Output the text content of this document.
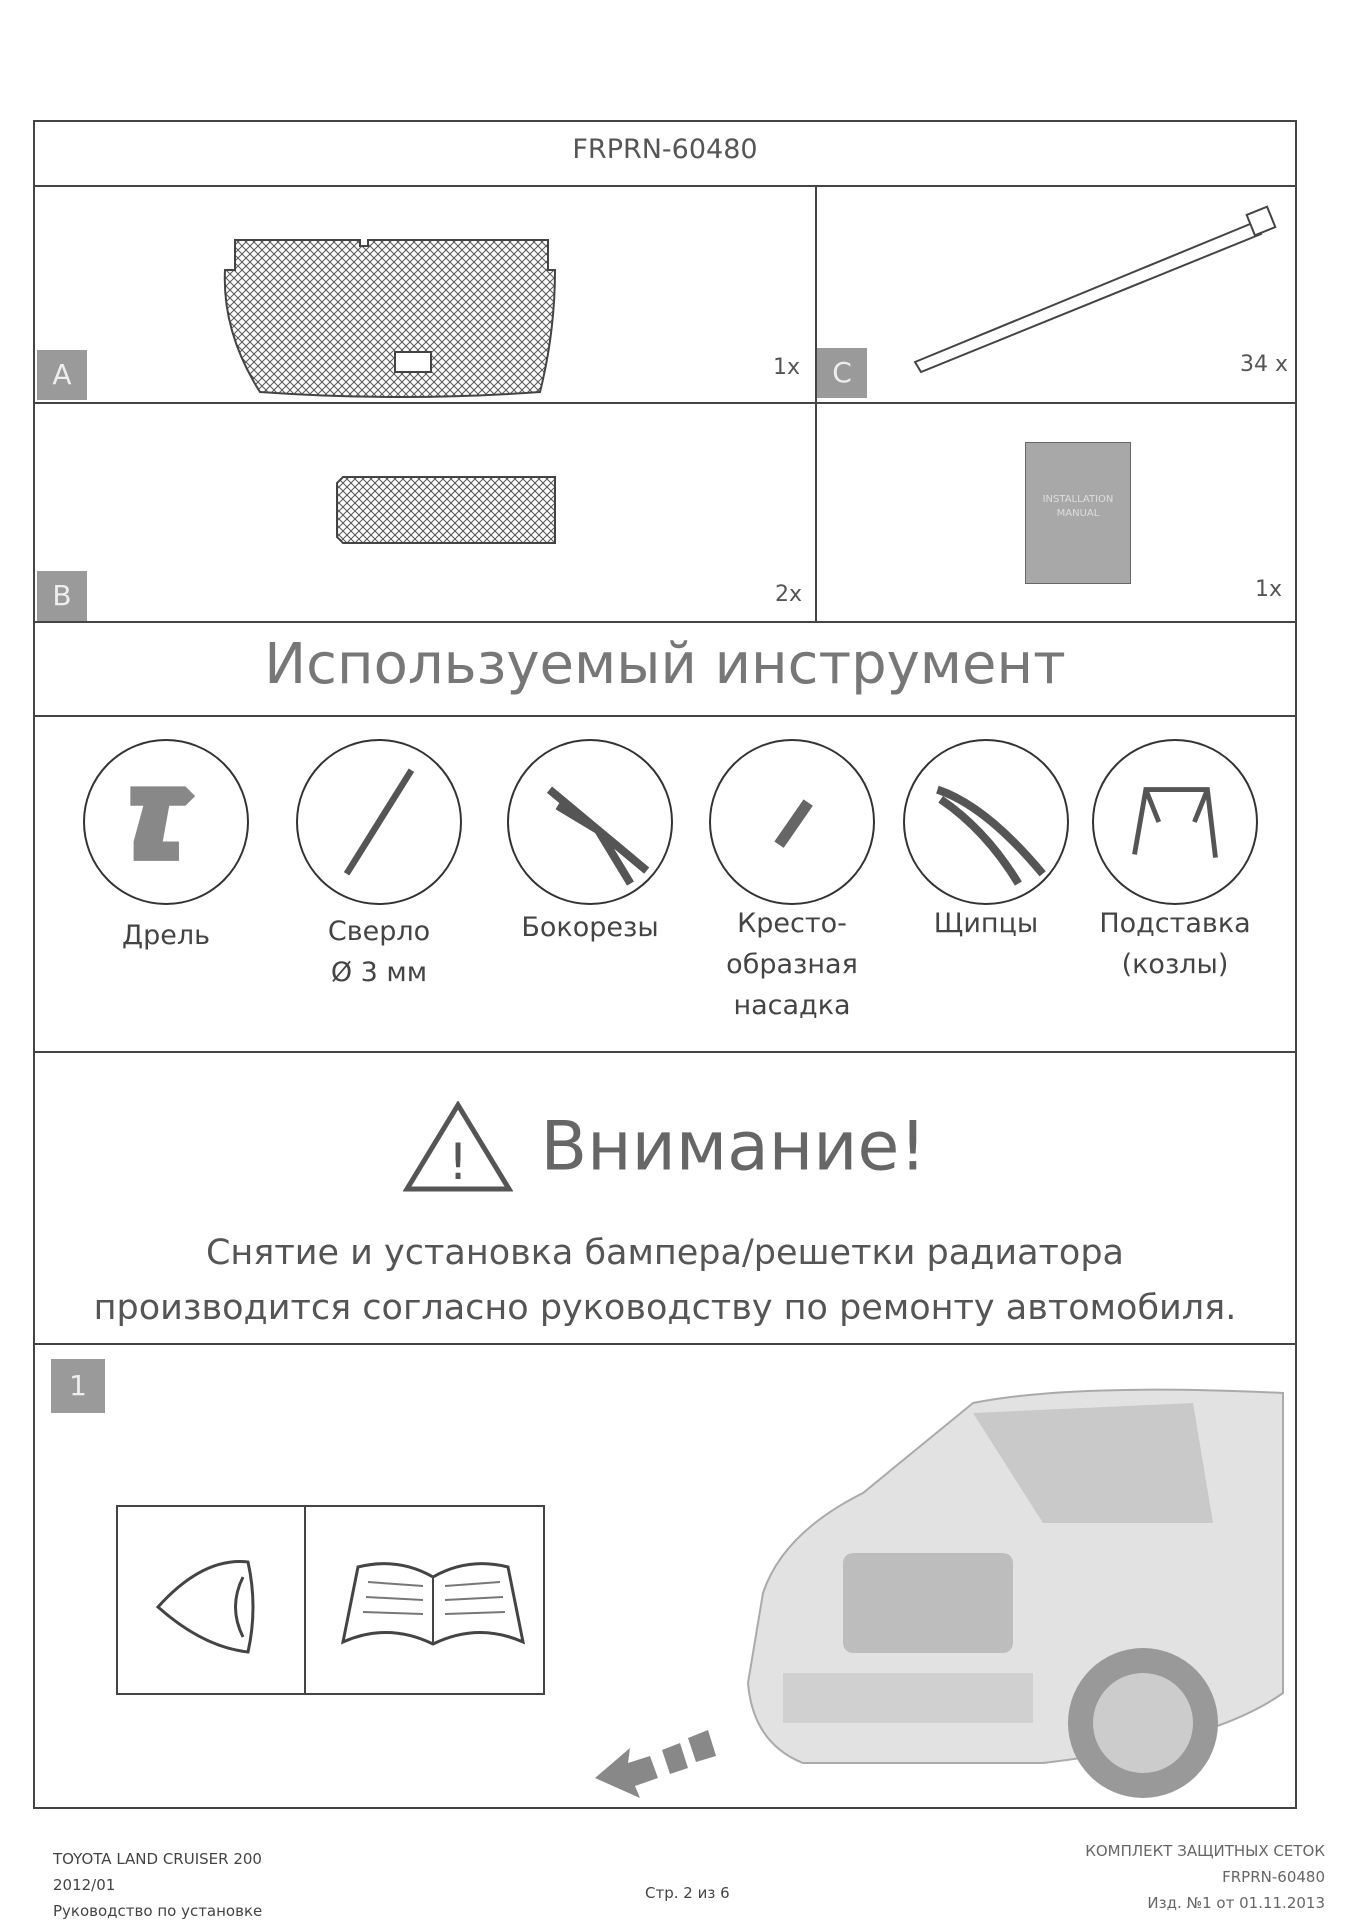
FRPRN-60480
A	1x	C	34 x
B	2x
INSTALLATION MANUAL
1x
Используемый инструмент
Дрель	Сверло
Ø 3 мм
Бокорезы	Кресто-
образная
насадка
Щипцы	Подставка
(козлы)
! Внимание!
Снятие и установка бампера/решетки радиатора
производится согласно руководству по ремонту автомобиля.
1
TOYOTA LAND CRUISER 200
2012/01
Руководство по установке
Стр. 2 из 6
КОМПЛЕКТ ЗАЩИТНЫХ СЕТОК
FRPRN-60480
Изд. №1 от 01.11.2013
